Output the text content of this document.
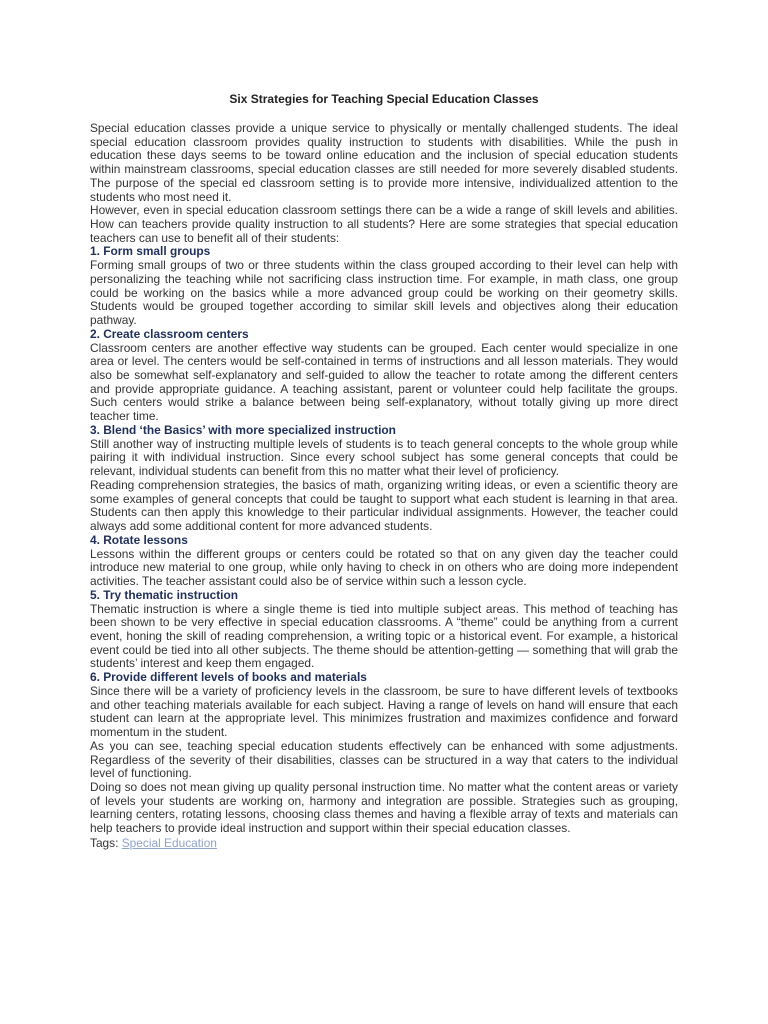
Six Strategies for Teaching Special Education Classes

Special education classes provide a unique service to physically or mentally challenged students. The ideal special education classroom provides quality instruction to students with disabilities. While the push in education these days seems to be toward online education and the inclusion of special education students within mainstream classrooms, special education classes are still needed for more severely disabled students. The purpose of the special ed classroom setting is to provide more intensive, individualized attention to the students who most need it.

However, even in special education classroom settings there can be a wide a range of skill levels and abilities. How can teachers provide quality instruction to all students? Here are some strategies that special education teachers can use to benefit all of their students:

1. Form small groups

Forming small groups of two or three students within the class grouped according to their level can help with personalizing the teaching while not sacrificing class instruction time. For example, in math class, one group could be working on the basics while a more advanced group could be working on their geometry skills. Students would be grouped together according to similar skill levels and objectives along their education pathway.

2. Create classroom centers

Classroom centers are another effective way students can be grouped. Each center would specialize in one area or level. The centers would be self-contained in terms of instructions and all lesson materials. They would also be somewhat self-explanatory and self-guided to allow the teacher to rotate among the different centers and provide appropriate guidance. A teaching assistant, parent or volunteer could help facilitate the groups. Such centers would strike a balance between being self-explanatory, without totally giving up more direct teacher time.

3. Blend ‘the Basics’ with more specialized instruction

Still another way of instructing multiple levels of students is to teach general concepts to the whole group while pairing it with individual instruction. Since every school subject has some general concepts that could be relevant, individual students can benefit from this no matter what their level of proficiency.

Reading comprehension strategies, the basics of math, organizing writing ideas, or even a scientific theory are some examples of general concepts that could be taught to support what each student is learning in that area. Students can then apply this knowledge to their particular individual assignments. However, the teacher could always add some additional content for more advanced students.

4. Rotate lessons

Lessons within the different groups or centers could be rotated so that on any given day the teacher could introduce new material to one group, while only having to check in on others who are doing more independent activities. The teacher assistant could also be of service within such a lesson cycle.

5. Try thematic instruction

Thematic instruction is where a single theme is tied into multiple subject areas. This method of teaching has been shown to be very effective in special education classrooms. A “theme” could be anything from a current event, honing the skill of reading comprehension, a writing topic or a historical event. For example, a historical event could be tied into all other subjects. The theme should be attention-getting — something that will grab the students’ interest and keep them engaged.

6. Provide different levels of books and materials

Since there will be a variety of proficiency levels in the classroom, be sure to have different levels of textbooks and other teaching materials available for each subject. Having a range of levels on hand will ensure that each student can learn at the appropriate level. This minimizes frustration and maximizes confidence and forward momentum in the student.

As you can see, teaching special education students effectively can be enhanced with some adjustments. Regardless of the severity of their disabilities, classes can be structured in a way that caters to the individual level of functioning.

Doing so does not mean giving up quality personal instruction time. No matter what the content areas or variety of levels your students are working on, harmony and integration are possible. Strategies such as grouping, learning centers, rotating lessons, choosing class themes and having a flexible array of texts and materials can help teachers to provide ideal instruction and support within their special education classes.

Tags: Special Education
